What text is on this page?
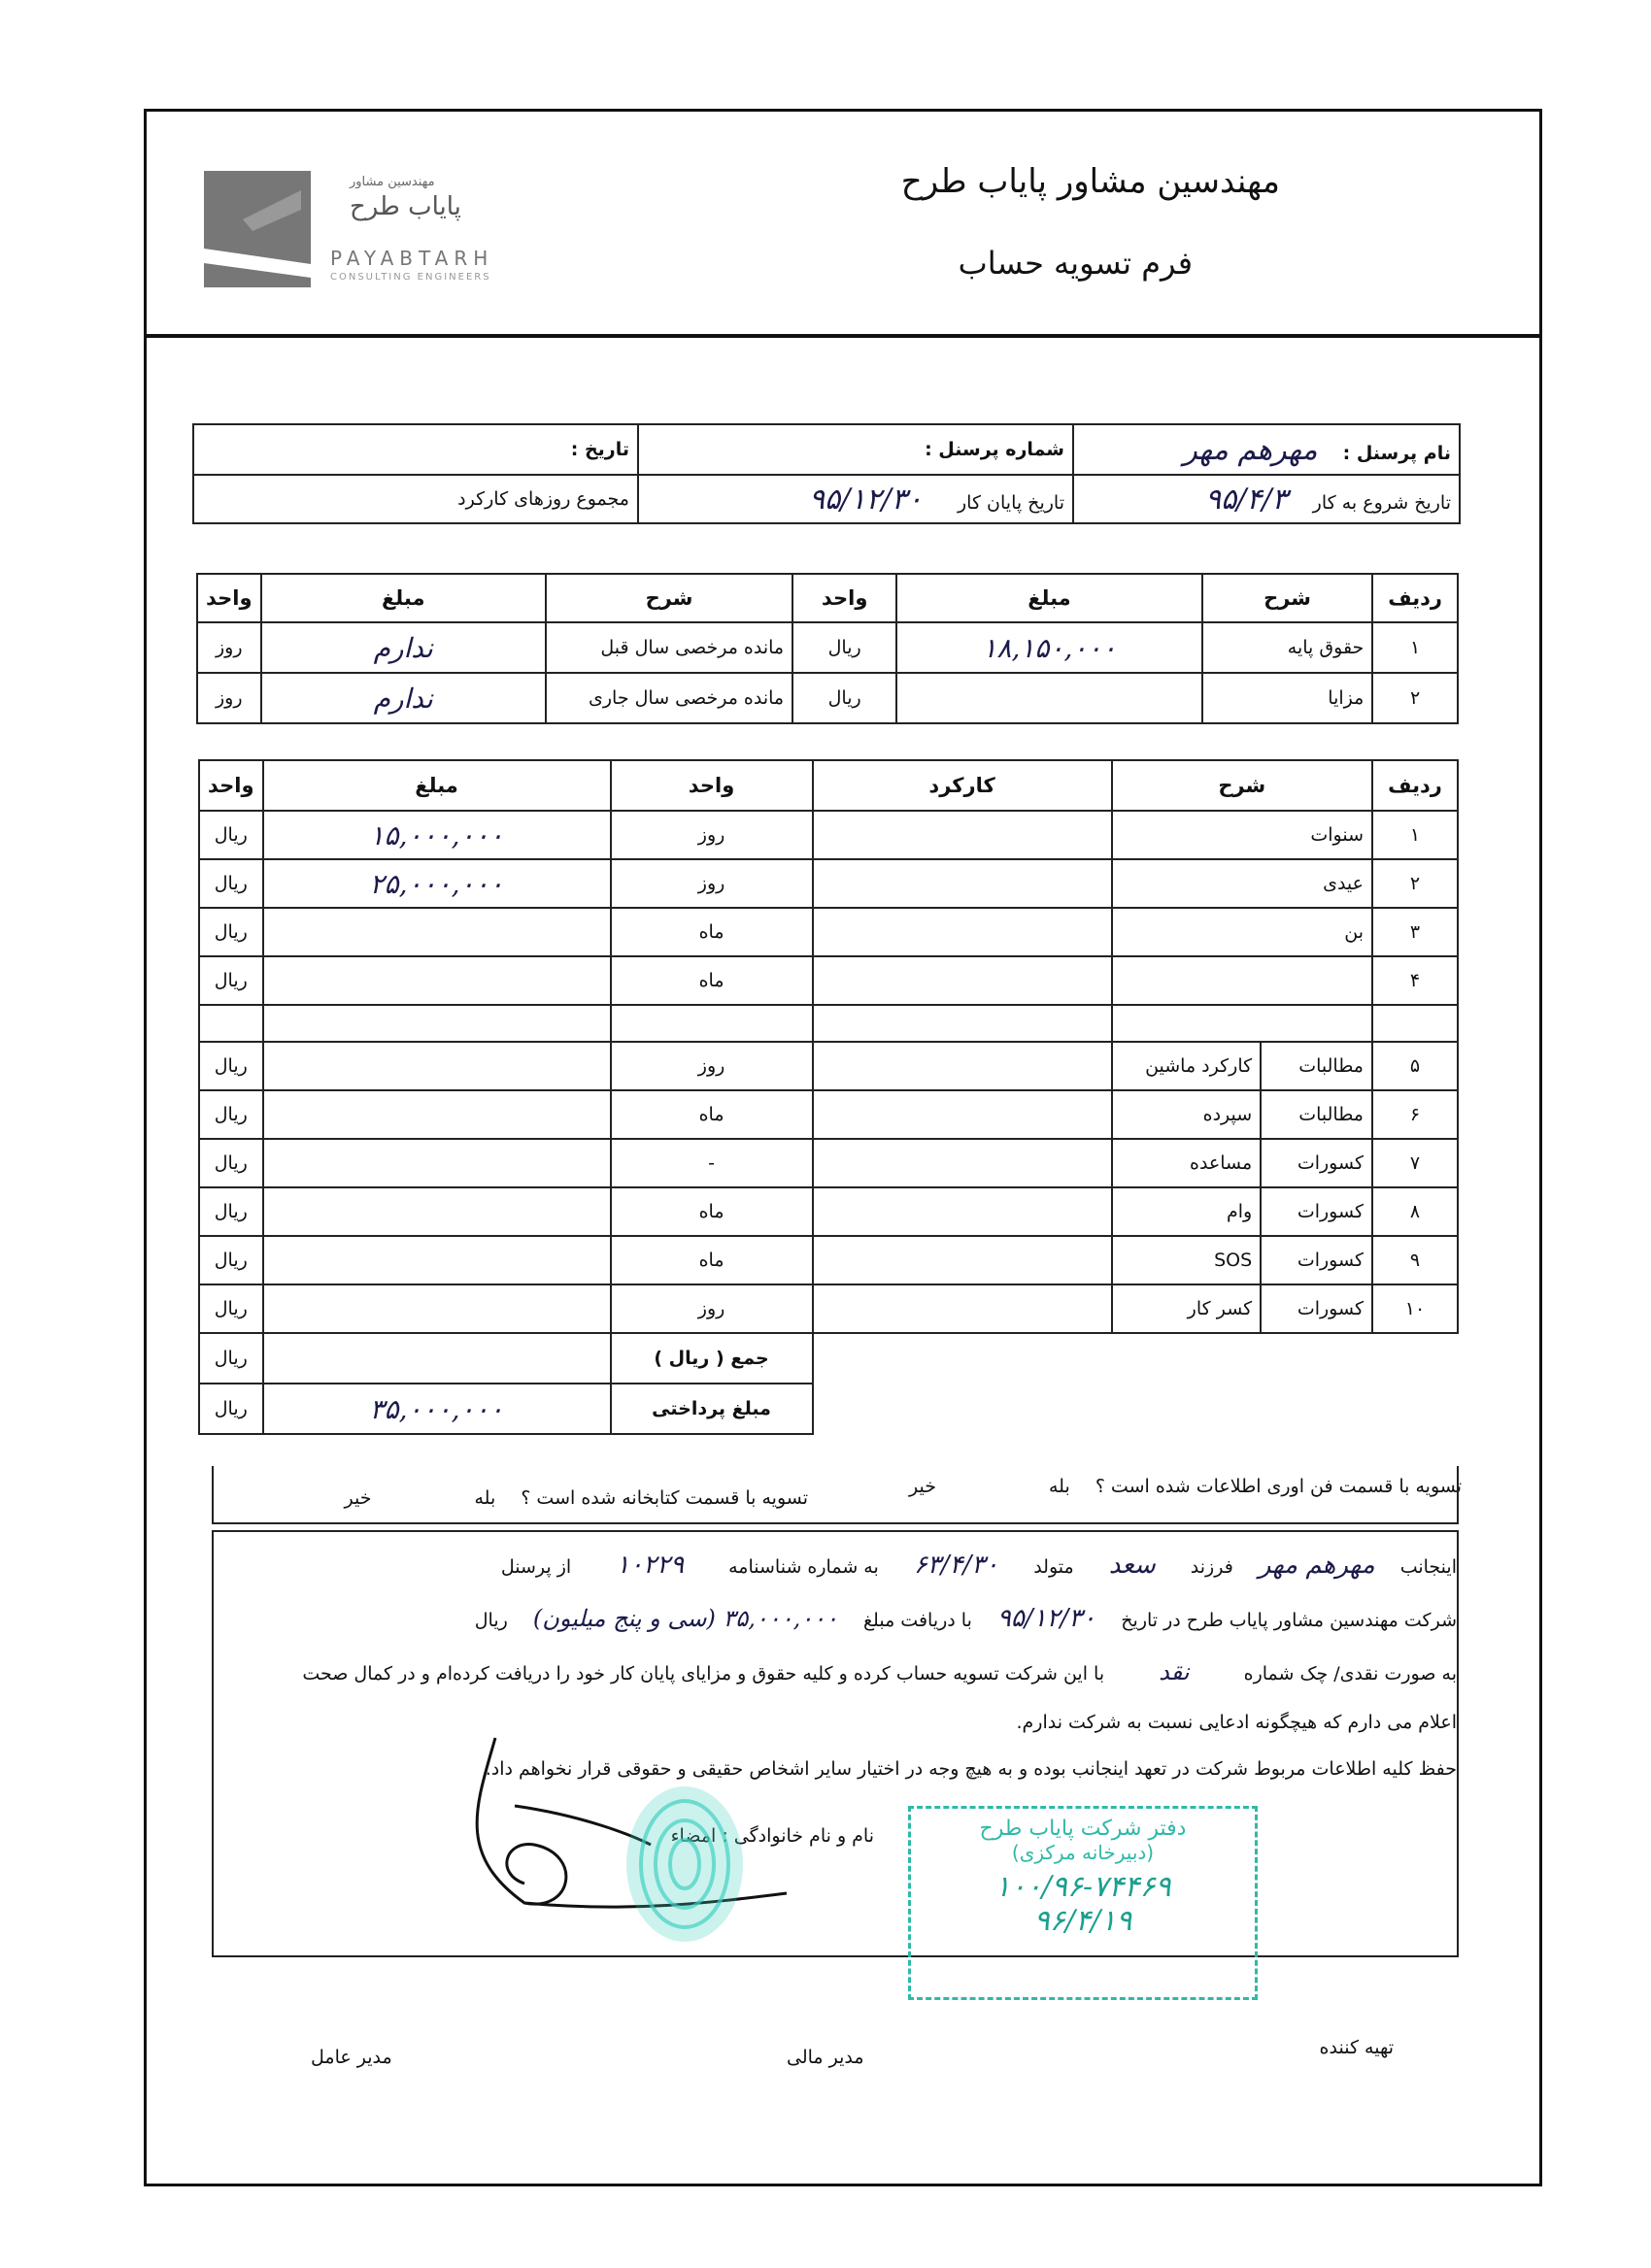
مهندسین مشاور
پایاب طرح
PAYABTARH
CONSULTING ENGINEERS
مهندسین مشاور پایاب طرح
فرم تسویه حساب
نام پرسنل : مهرهم مهر	شماره پرسنل :	تاریخ :
تاریخ شروع به کار ۹۵/۴/۳	تاریخ پایان کار ۹۵/۱۲/۳۰	مجموع روزهای کارکرد
ردیف	شرح	مبلغ	واحد	شرح	مبلغ	واحد
۱	حقوق پایه	۱۸,۱۵۰,۰۰۰	ریال	مانده مرخصی سال قبل	ندارم	روز
۲	مزایا		ریال	مانده مرخصی سال جاری	ندارم	روز
ردیف	شرح		کارکرد	واحد	مبلغ	واحد
۱	سنوات			روز	۱۵,۰۰۰,۰۰۰	ریال
۲	عیدی			روز	۲۵,۰۰۰,۰۰۰	ریال
۳	بن			ماه		ریال
۴				ماه		ریال

۵	مطالبات	کارکرد ماشین		روز		ریال
۶	مطالبات	سپرده		ماه		ریال
۷	کسورات	مساعده		-		ریال
۸	کسورات	وام		ماه		ریال
۹	کسورات	SOS		ماه		ریال
۱۰	کسورات	کسر کار		روز		ریال
				جمع ( ریال )		ریال
				مبلغ پرداختی	۳۵,۰۰۰,۰۰۰	ریال
تسویه با قسمت فن اوری اطلاعات شده است ؟ بله خیر
تسویه با قسمت کتابخانه شده است ؟ بله خیر
اینجانب مهرهم مهر فرزند سعد متولد ۶۳/۴/۳۰ به شماره شناسنامه ۱۰۲۲۹ از پرسنل
شرکت مهندسین مشاور پایاب طرح در تاریخ ۹۵/۱۲/۳۰ با دریافت مبلغ ۳۵,۰۰۰,۰۰۰ (سی و پنج میلیون) ریال
به صورت نقدی/ چک شماره نقد با این شرکت تسویه حساب کرده و کلیه حقوق و مزایای پایان کار خود را دریافت کرده‌ام و در کمال صحت
اعلام می دارم که هیچگونه ادعایی نسبت به شرکت ندارم.
حفظ کلیه اطلاعات مربوط شرکت در تعهد اینجانب بوده و به هیچ وجه در اختیار سایر اشخاص حقیقی و حقوقی قرار نخواهم داد.
نام و نام خانوادگی : امضاء	دفتر شرکت پایاب طرح
(دبیرخانه مرکزی)
۱۰۰/۹۶-۷۴۴۶۹
۹۶/۴/۱۹
تهیه کننده
مدیر مالی
مدیر عامل
